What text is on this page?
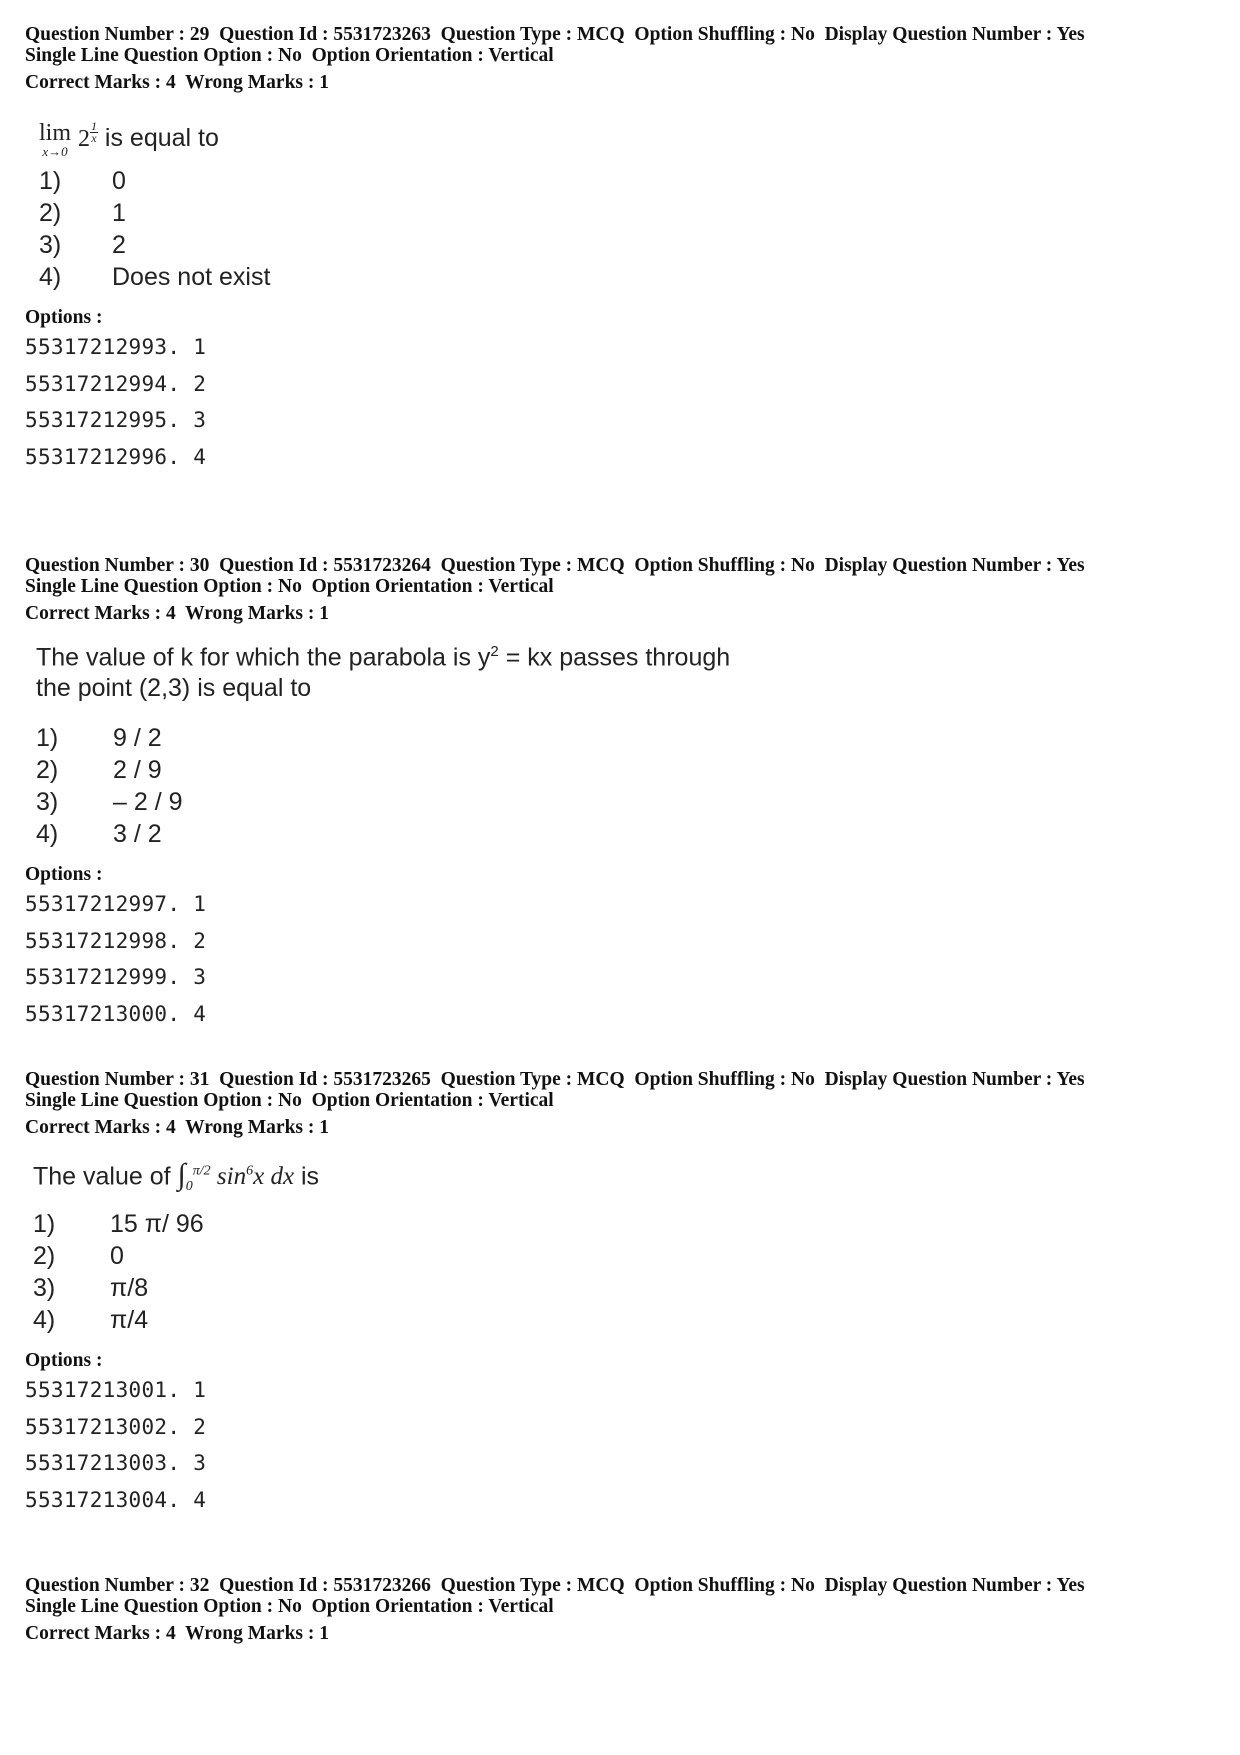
Question Number : 29  Question Id : 5531723263  Question Type : MCQ  Option Shuffling : No  Display Question Number : Yes
Single Line Question Option : No  Option Orientation : Vertical
Correct Marks : 4  Wrong Marks : 1
lim
x→0 $2 \frac{1}{x}$ is equal to
1)	0
2)	1
3)	2
4)	Does not exist
Options :
55317212993. 1
55317212994. 2
55317212995. 3
55317212996. 4
Question Number : 30  Question Id : 5531723264  Question Type : MCQ  Option Shuffling : No  Display Question Number : Yes
Single Line Question Option : No  Option Orientation : Vertical
Correct Marks : 4  Wrong Marks : 1
The value of k for which the parabola is $y^2$ = kx passes through
the point (2,3) is equal to
1)	9 / 2
2)	2 / 9
3)	– 2 / 9
4)	3 / 2
Options :
55317212997. 1
55317212998. 2
55317212999. 3
55317213000. 4
Question Number : 31  Question Id : 5531723265  Question Type : MCQ  Option Shuffling : No  Display Question Number : Yes
Single Line Question Option : No  Option Orientation : Vertical
Correct Marks : 4  Wrong Marks : 1
The value of $\int_0^{\pi/2}$ $\sin^6x$ dx is
1)	15 π/ 96
2)	0
3)	π/8
4)	π/4
Options :
55317213001. 1
55317213002. 2
55317213003. 3
55317213004. 4
Question Number : 32  Question Id : 5531723266  Question Type : MCQ  Option Shuffling : No  Display Question Number : Yes
Single Line Question Option : No  Option Orientation : Vertical
Correct Marks : 4  Wrong Marks : 1
